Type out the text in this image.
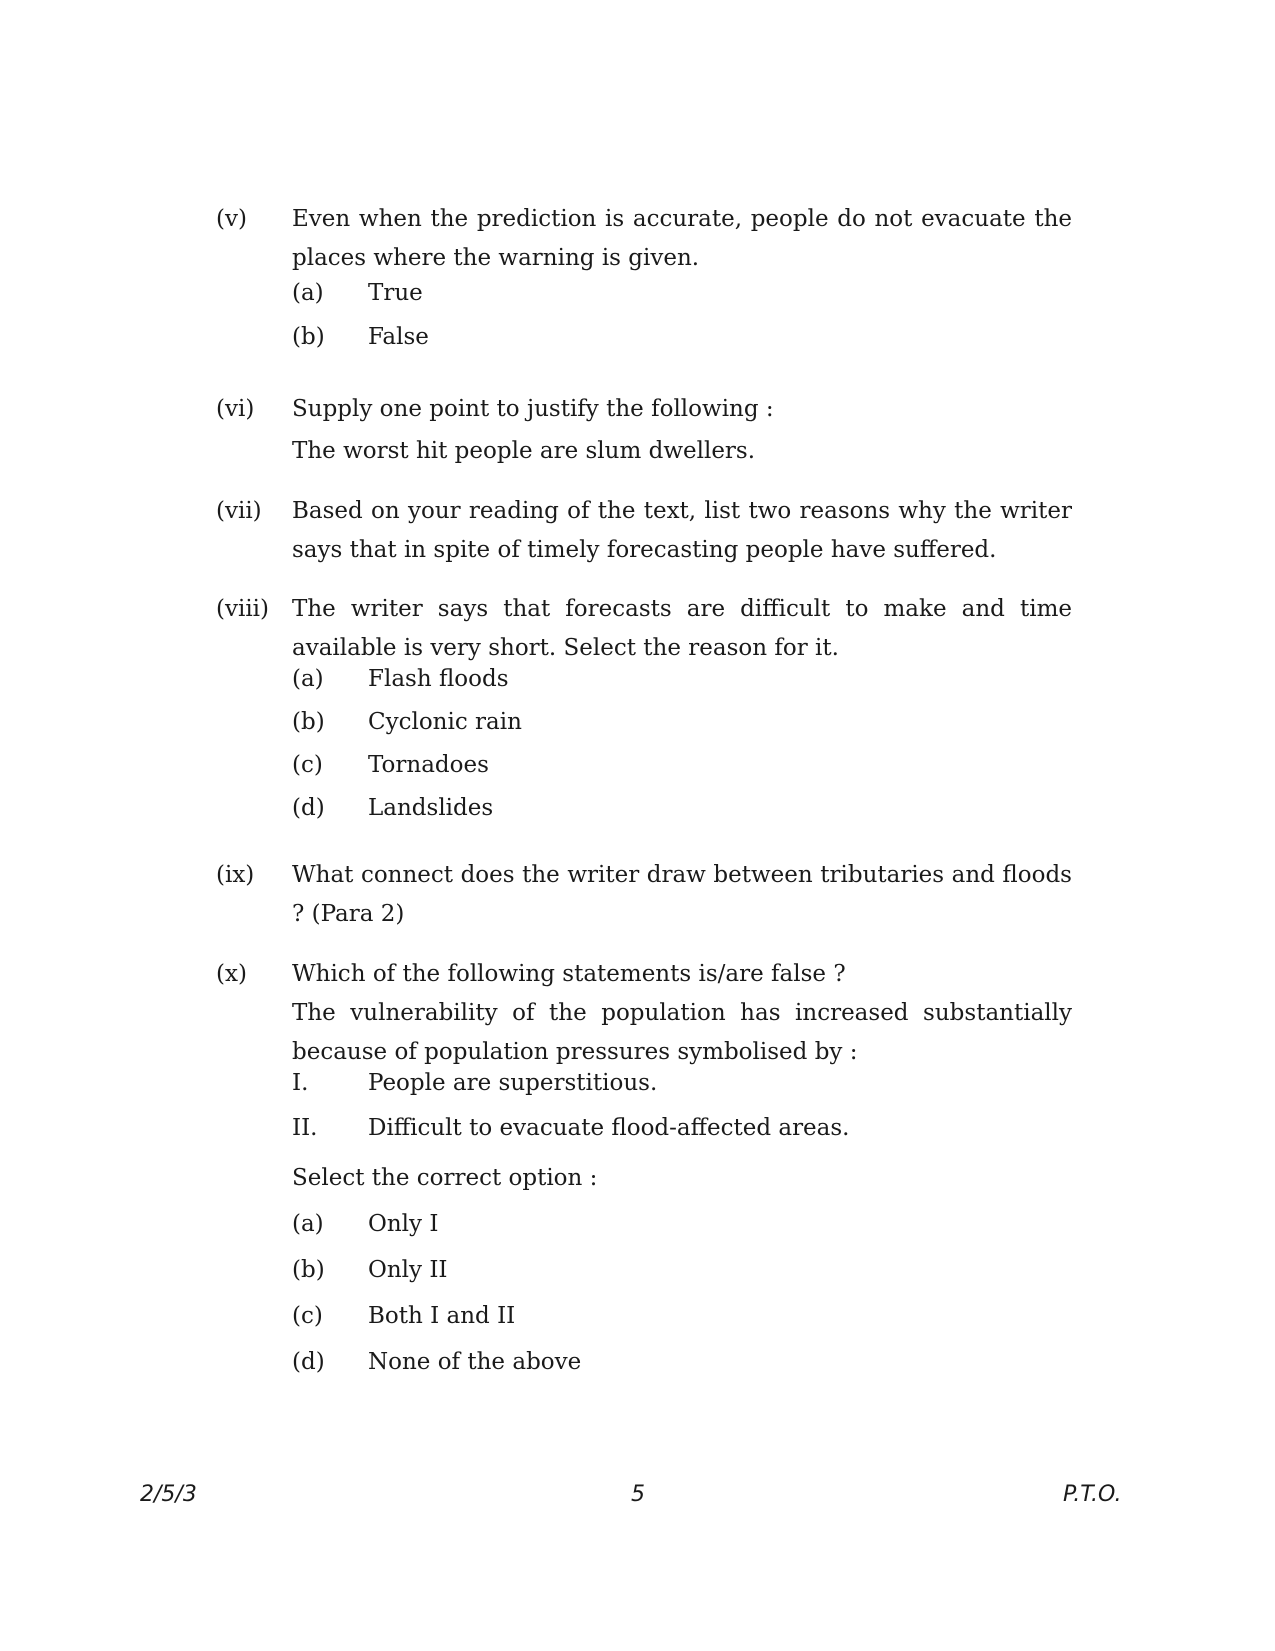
(v) Even when the prediction is accurate, people do not evacuate the places where the warning is given.

(a) True
(b) False
(vi) Supply one point to justify the following :

The worst hit people are slum dwellers.

(vii) Based on your reading of the text, list two reasons why the writer says that in spite of timely forecasting people have suffered.

(viii) The writer says that forecasts are difficult to make and time available is very short. Select the reason for it.

(a) Flash floods
(b) Cyclonic rain
(c) Tornadoes
(d) Landslides
(ix) What connect does the writer draw between tributaries and floods ? (Para 2)

(x) Which of the following statements is/are false ?

The vulnerability of the population has increased substantially because of population pressures symbolised by :

I.	People are superstitious.
II. Difficult to evacuate flood-affected areas.
Select the correct option :
(a) Only I
(b) Only II
(c) Both I and II
(d) None of the above
2/5/3	5	P.T.O.
